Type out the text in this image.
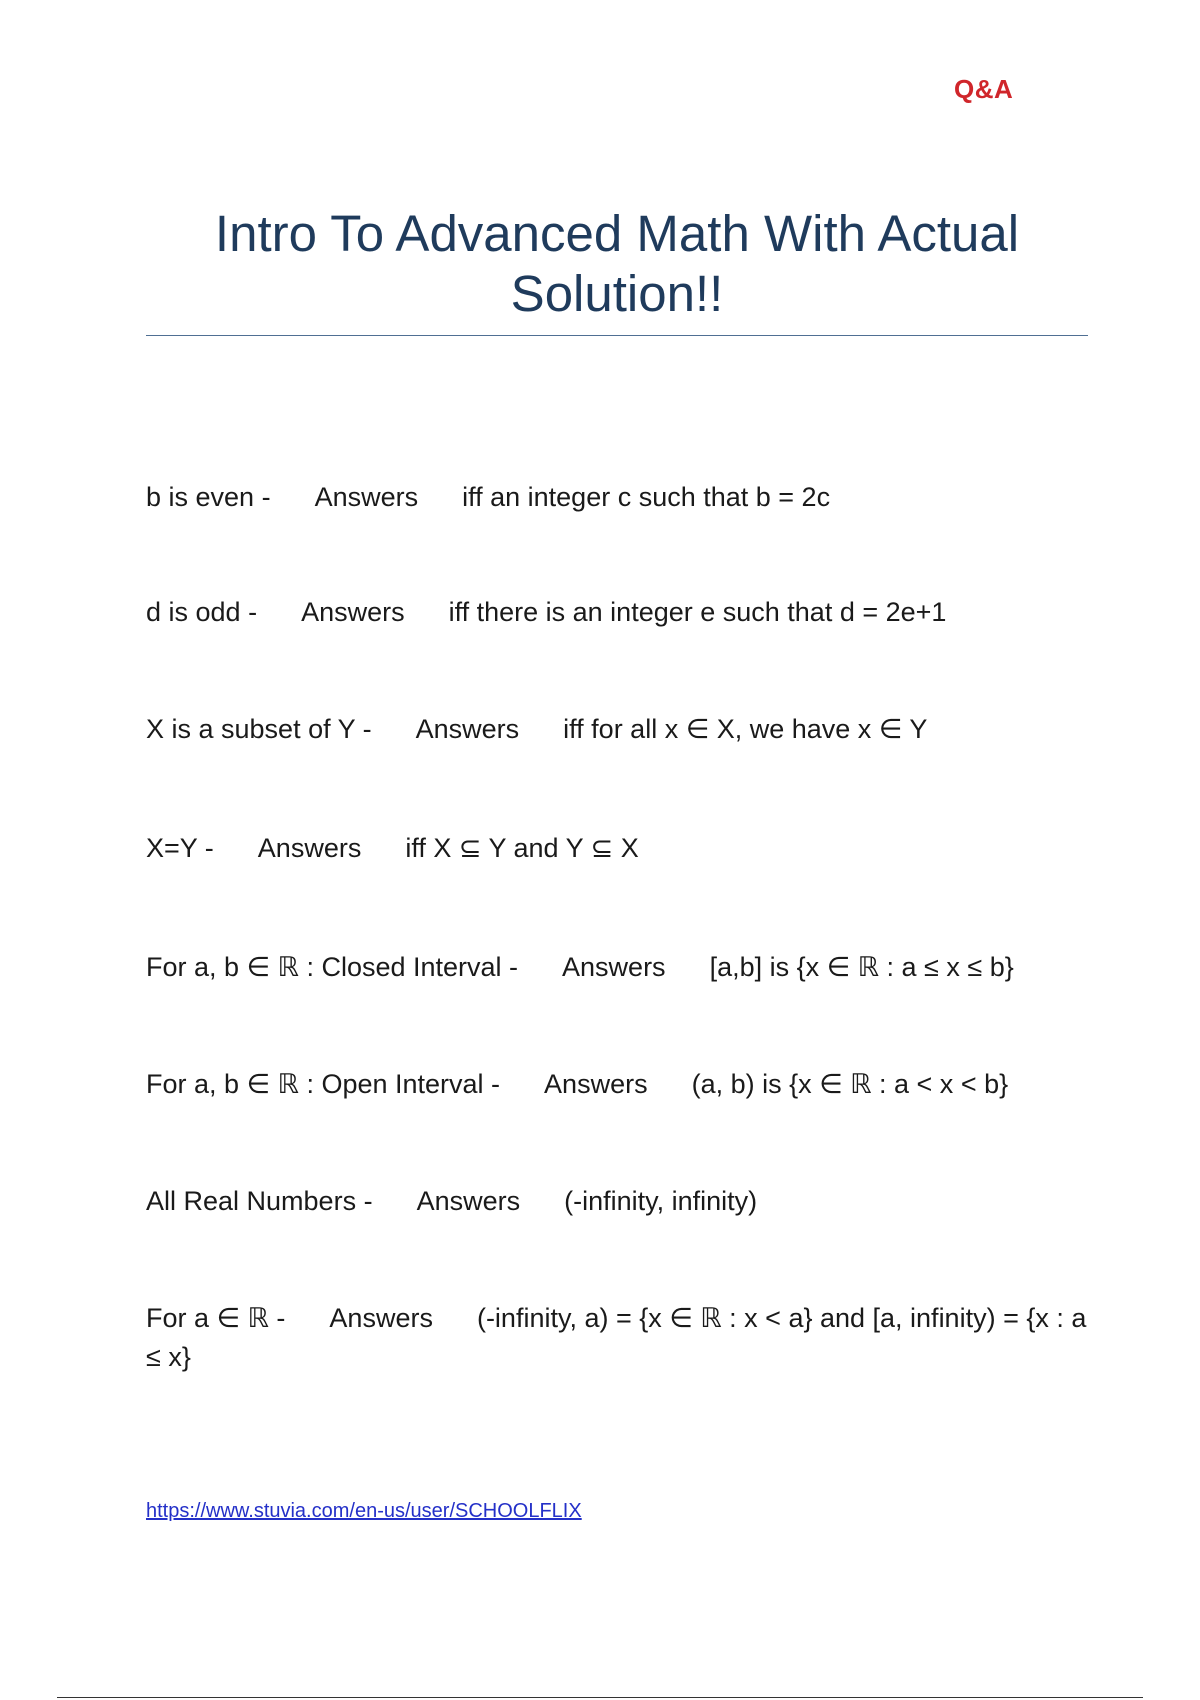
Q&A
Intro To Advanced Math With Actual Solution!!
b is even - Answers iff an integer c such that b = 2c
d is odd - Answers iff there is an integer e such that d = 2e+1
X is a subset of Y - Answers iff for all x ∈ X, we have x ∈ Y
X=Y - Answers iff X ⊆ Y and Y ⊆ X
For a, b ∈ ℝ : Closed Interval - Answers [a,b] is {x ∈ ℝ : a ≤ x ≤ b}
For a, b ∈ ℝ : Open Interval - Answers (a, b) is {x ∈ ℝ : a < x < b}
All Real Numbers - Answers (-infinity, infinity)
For a ∈ ℝ - Answers (-infinity, a) = {x ∈ ℝ : x < a} and [a, infinity) = {x : a ≤ x}
https://www.stuvia.com/en-us/user/SCHOOLFLIX
